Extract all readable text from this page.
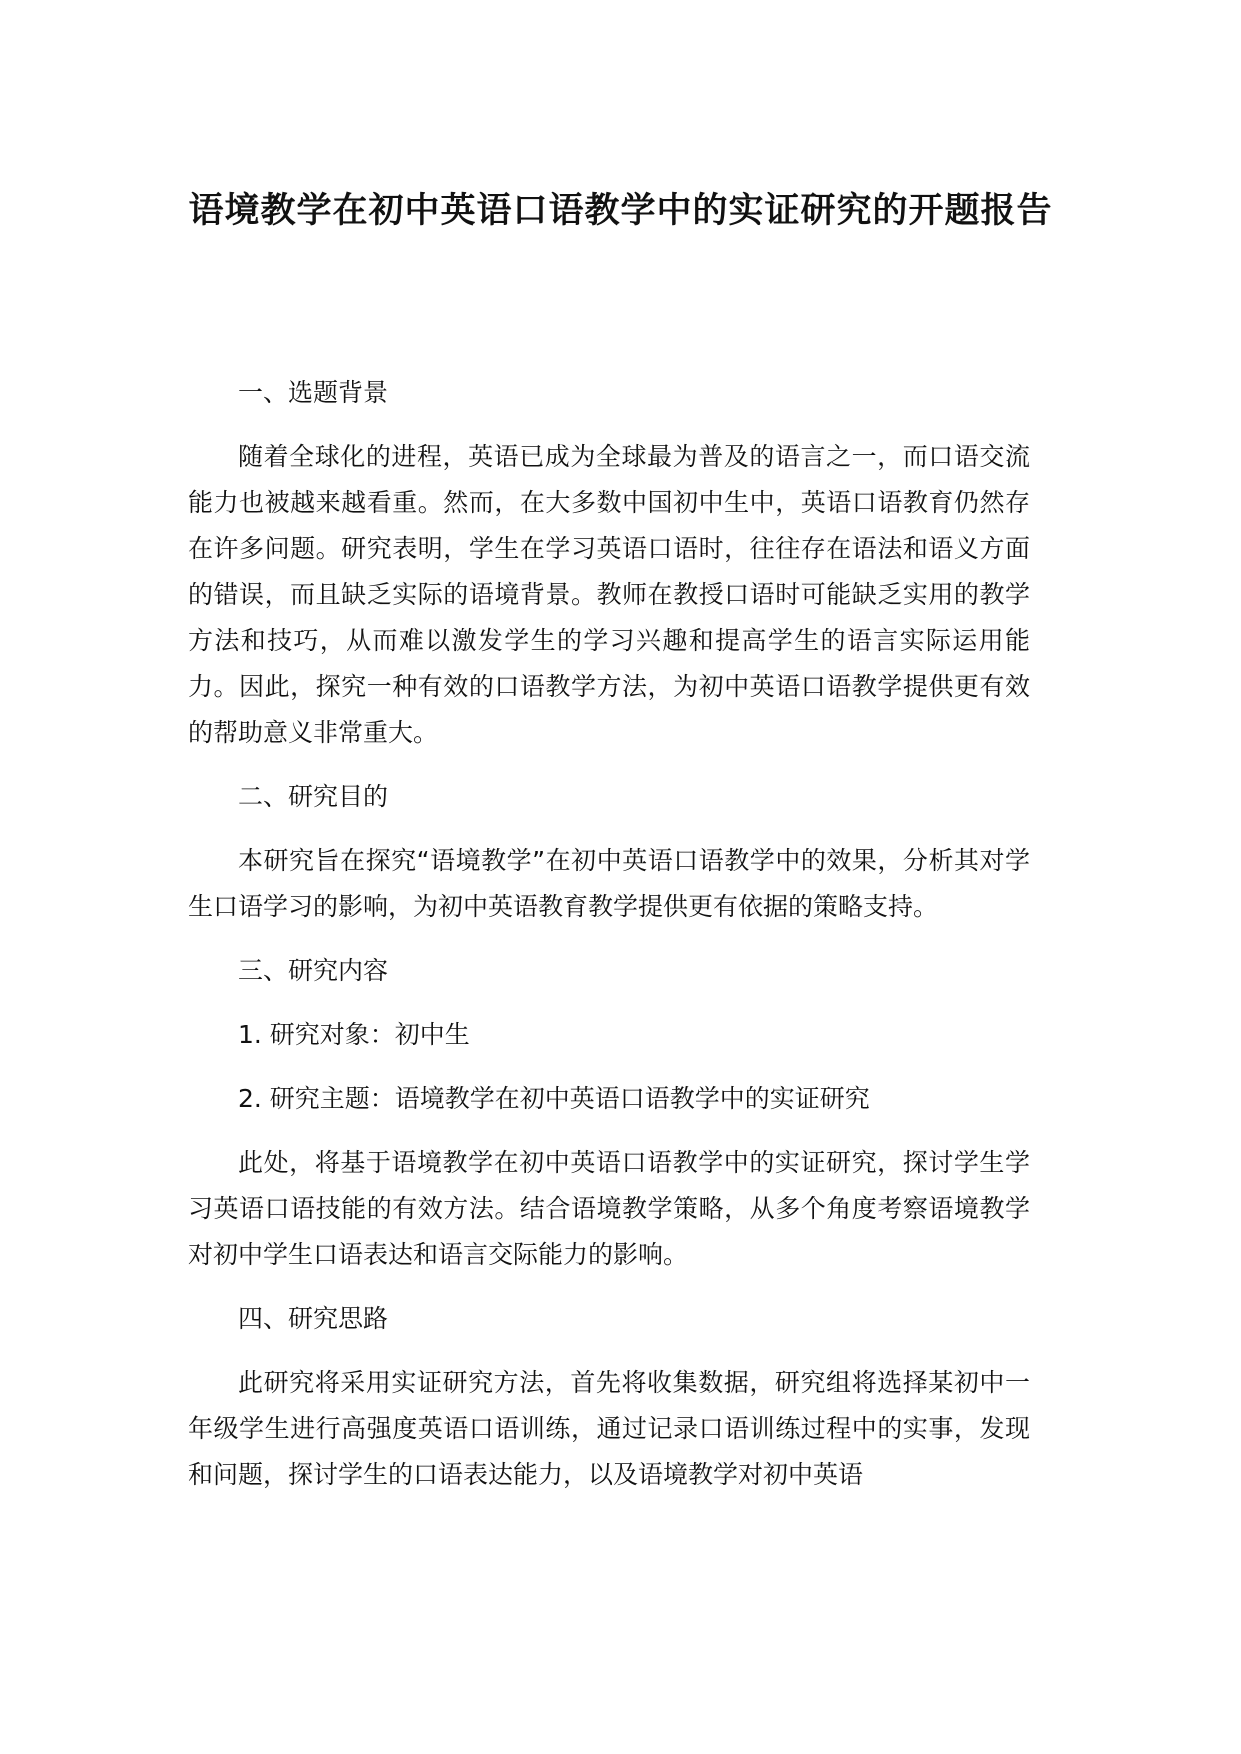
语境教学在初中英语口语教学中的实证研究的开题报告

一、选题背景

随着全球化的进程，英语已成为全球最为普及的语言之一，而口语交流能力也被越来越看重。然而，在大多数中国初中生中，英语口语教育仍然存在许多问题。研究表明，学生在学习英语口语时，往往存在语法和语义方面的错误，而且缺乏实际的语境背景。教师在教授口语时可能缺乏实用的教学方法和技巧，从而难以激发学生的学习兴趣和提高学生的语言实际运用能力。因此，探究一种有效的口语教学方法，为初中英语口语教学提供更有效的帮助意义非常重大。

二、研究目的

本研究旨在探究“语境教学”在初中英语口语教学中的效果，分析其对学生口语学习的影响，为初中英语教育教学提供更有依据的策略支持。

三、研究内容

1. 研究对象：初中生

2. 研究主题：语境教学在初中英语口语教学中的实证研究

此处，将基于语境教学在初中英语口语教学中的实证研究，探讨学生学习英语口语技能的有效方法。结合语境教学策略，从多个角度考察语境教学对初中学生口语表达和语言交际能力的影响。

四、研究思路

此研究将采用实证研究方法，首先将收集数据，研究组将选择某初中一年级学生进行高强度英语口语训练，通过记录口语训练过程中的实事，发现和问题，探讨学生的口语表达能力，以及语境教学对初中英语
